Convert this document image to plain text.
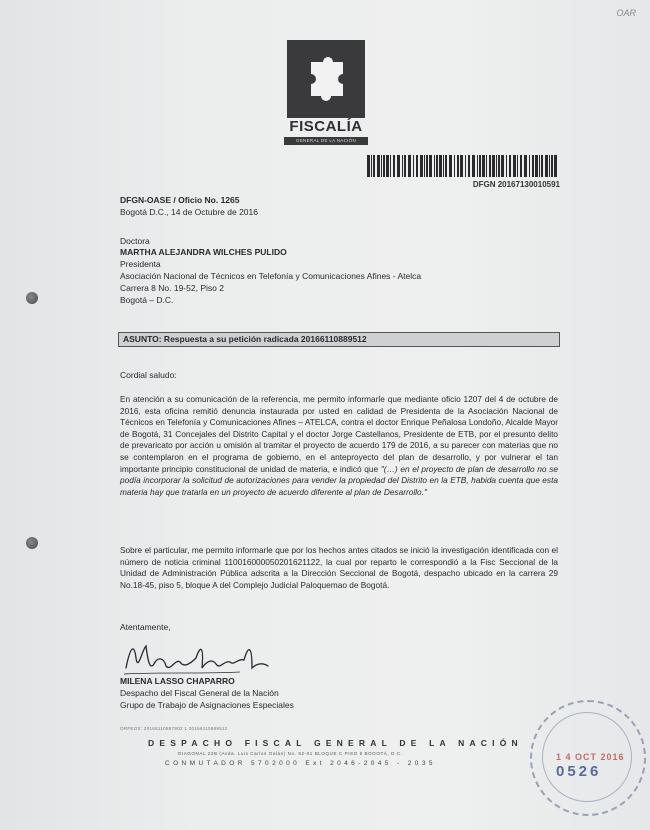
OAR
FISCALÍA
GENERAL DE LA NACIÓN
DFGN 20167130010591
DFGN-OASE / Oficio No. 1265
Bogotá D.C., 14 de Octubre de 2016
Doctora
MARTHA ALEJANDRA WILCHES PULIDO
Presidenta
Asociación Nacional de Técnicos en Telefonía y Comunicaciones Afines - Atelca
Carrera 8 No. 19-52, Piso 2
Bogotá – D.C.
ASUNTO: Respuesta a su petición radicada 20166110889512
Cordial saludo:
En atención a su comunicación de la referencia, me permito informarle que mediante oficio 1207 del 4 de octubre de 2016, esta oficina remitió denuncia instaurada por usted en calidad de Presidenta de la Asociación Nacional de Técnicos en Telefonía y Comunicaciones Afines – ATELCA, contra el doctor Enrique Peñalosa Londoño, Alcalde Mayor de Bogotá, 31 Concejales del Distrito Capital y el doctor Jorge Castellanos, Presidente de ETB, por el presunto delito de prevaricato por acción u omisión al tramitar el proyecto de acuerdo 179 de 2016, a su parecer con materias que no se contemplaron en el programa de gobierno, en el anteproyecto del plan de desarrollo, y por vulnerar el tan importante principio constitucional de unidad de materia, e indicó que "(…) en el proyecto de plan de desarrollo no se podía incorporar la solicitud de autorizaciones para vender la propiedad del Distrito en la ETB, habida cuenta que esta materia hay que tratarla en un proyecto de acuerdo diferente al plan de Desarrollo."
Sobre el particular, me permito informarle que por los hechos antes citados se inició la investigación identificada con el número de noticia criminal 110016000050201621122, la cual por reparto le correspondió a la Fisc Seccional de la Unidad de Administración Pública adscrita a la Dirección Seccional de Bogotá, despacho ubicado en la carrera 29 No.18-45, piso 5, bloque A del Complejo Judicial Paloquemao de Bogotá.
Atentamente,
MILENA LASSO CHAPARRO
Despacho del Fiscal General de la Nación
Grupo de Trabajo de Asignaciones Especiales
ORFEOS: 20166110887802 1 20166110889512
DESPACHO FISCAL GENERAL DE LA NACIÓN
DIAGONAL 22B (Avda. Luis Carlos Galán) No. 52-01 BLOQUE C PISO 5 BOGOTÁ, D.C.
CONMUTADOR 5702000 Ext 2046-2045 - 2035
1 4 OCT 2016
0526
